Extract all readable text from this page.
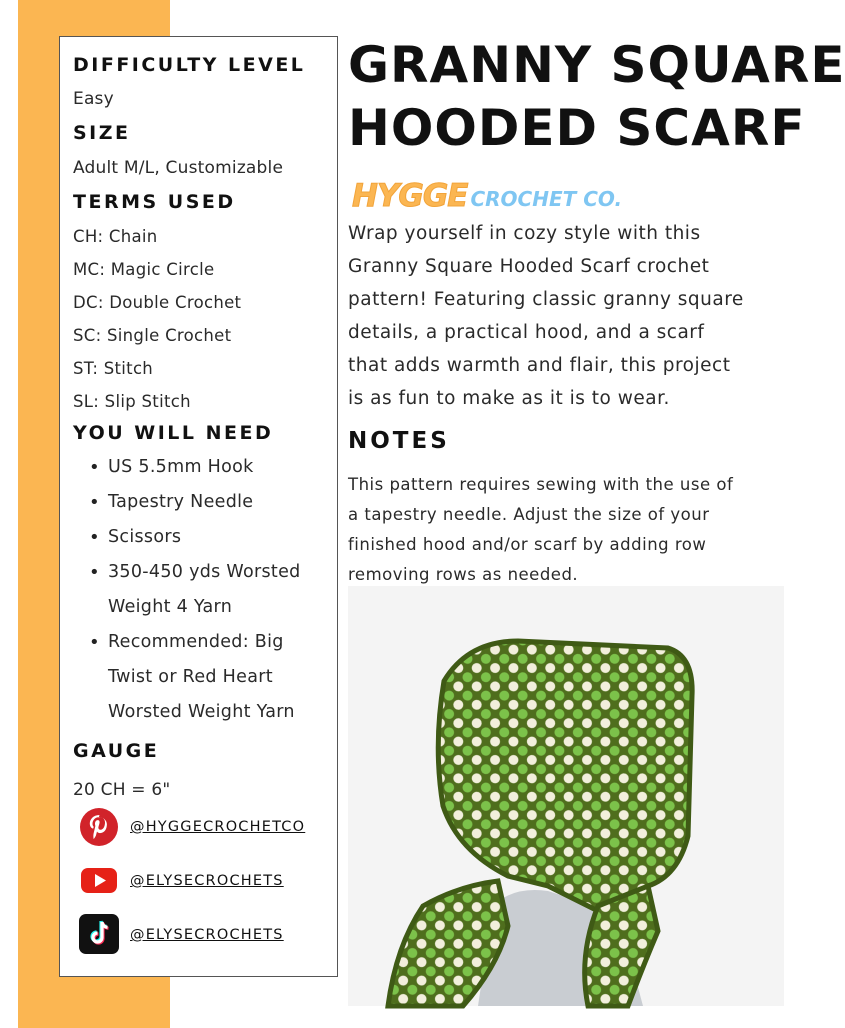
DIFFICULTY LEVEL
Easy
SIZE
Adult M/L, Customizable
TERMS USED
CH: Chain
MC: Magic Circle
DC: Double Crochet
SC: Single Crochet
ST: Stitch
SL: Slip Stitch
YOU WILL NEED
• US 5.5mm Hook
• Tapestry Needle
• Scissors
• 350-450 yds Worsted
Weight 4 Yarn
• Recommended: Big
Twist or Red Heart
Worsted Weight Yarn
GAUGE
20 CH = 6"
@HYGGECROCHETCO
@ELYSECROCHETS
@ELYSECROCHETS
GRANNY SQUARE
HOODED SCARF
HYGGE CROCHET CO.
Wrap yourself in cozy style with this
Granny Square Hooded Scarf crochet
pattern! Featuring classic granny square
details, a practical hood, and a scarf
that adds warmth and flair, this project
is as fun to make as it is to wear.
NOTES
This pattern requires sewing with the use of
a tapestry needle. Adjust the size of your
finished hood and/or scarf by adding row
removing rows as needed.
